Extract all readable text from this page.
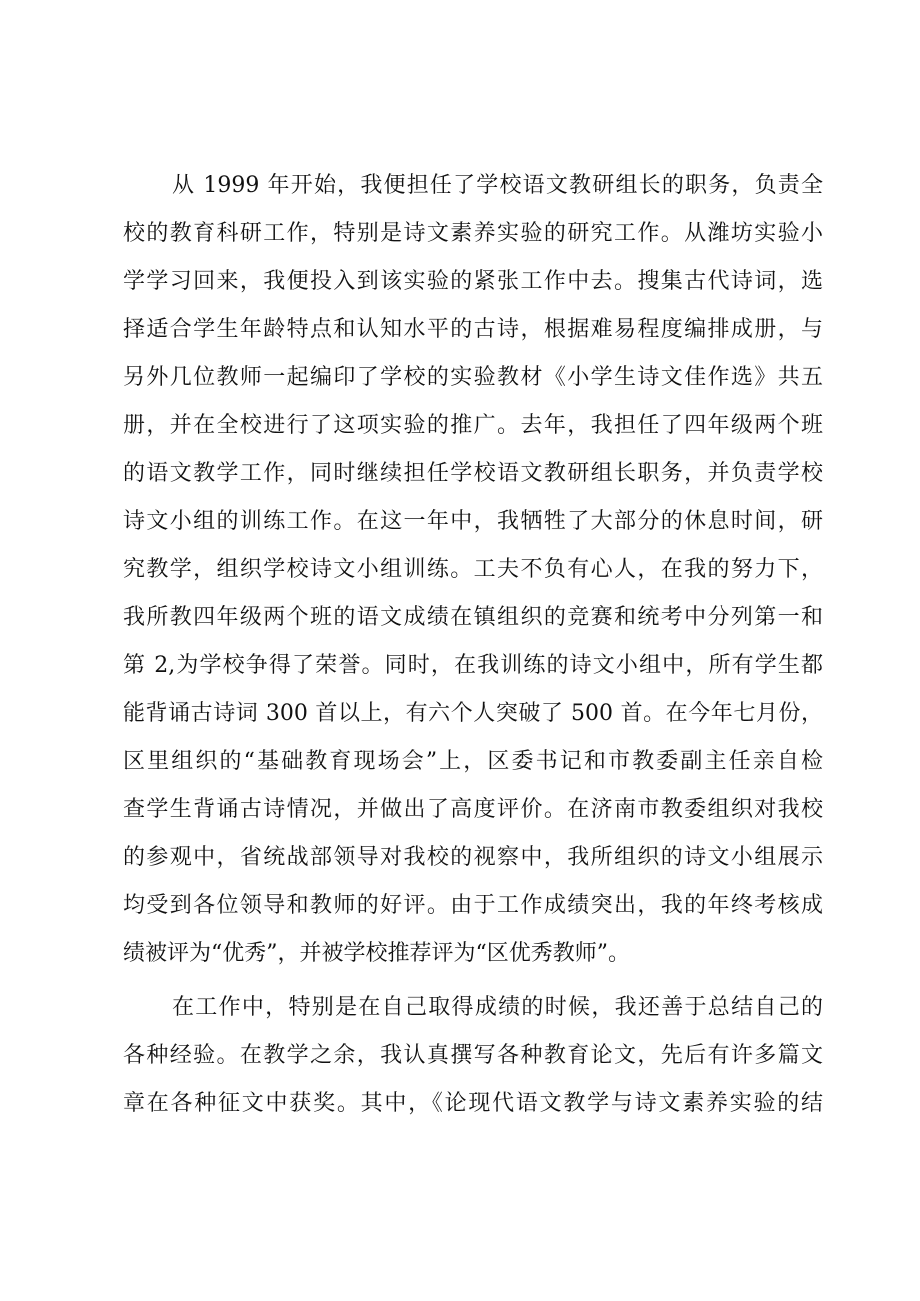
从 1999 年开始，我便担任了学校语文教研组长的职务，负责全
校的教育科研工作，特别是诗文素养实验的研究工作。从潍坊实验小
学学习回来，我便投入到该实验的紧张工作中去。搜集古代诗词，选
择适合学生年龄特点和认知水平的古诗，根据难易程度编排成册，与
另外几位教师一起编印了学校的实验教材《小学生诗文佳作选》共五
册，并在全校进行了这项实验的推广。去年，我担任了四年级两个班
的语文教学工作，同时继续担任学校语文教研组长职务，并负责学校
诗文小组的训练工作。在这一年中，我牺牲了大部分的休息时间，研
究教学，组织学校诗文小组训练。工夫不负有心人，在我的努力下，
我所教四年级两个班的语文成绩在镇组织的竞赛和统考中分列第一和
第 2,为学校争得了荣誉。同时，在我训练的诗文小组中，所有学生都
能背诵古诗词 300 首以上，有六个人突破了 500 首。在今年七月份，
区里组织的“基础教育现场会”上，区委书记和市教委副主任亲自检
查学生背诵古诗情况，并做出了高度评价。在济南市教委组织对我校
的参观中，省统战部领导对我校的视察中，我所组织的诗文小组展示
均受到各位领导和教师的好评。由于工作成绩突出，我的年终考核成
绩被评为“优秀”，并被学校推荐评为“区优秀教师”。
在工作中，特别是在自己取得成绩的时候，我还善于总结自己的
各种经验。在教学之余，我认真撰写各种教育论文，先后有许多篇文
章在各种征文中获奖。其中，《论现代语文教学与诗文素养实验的结
